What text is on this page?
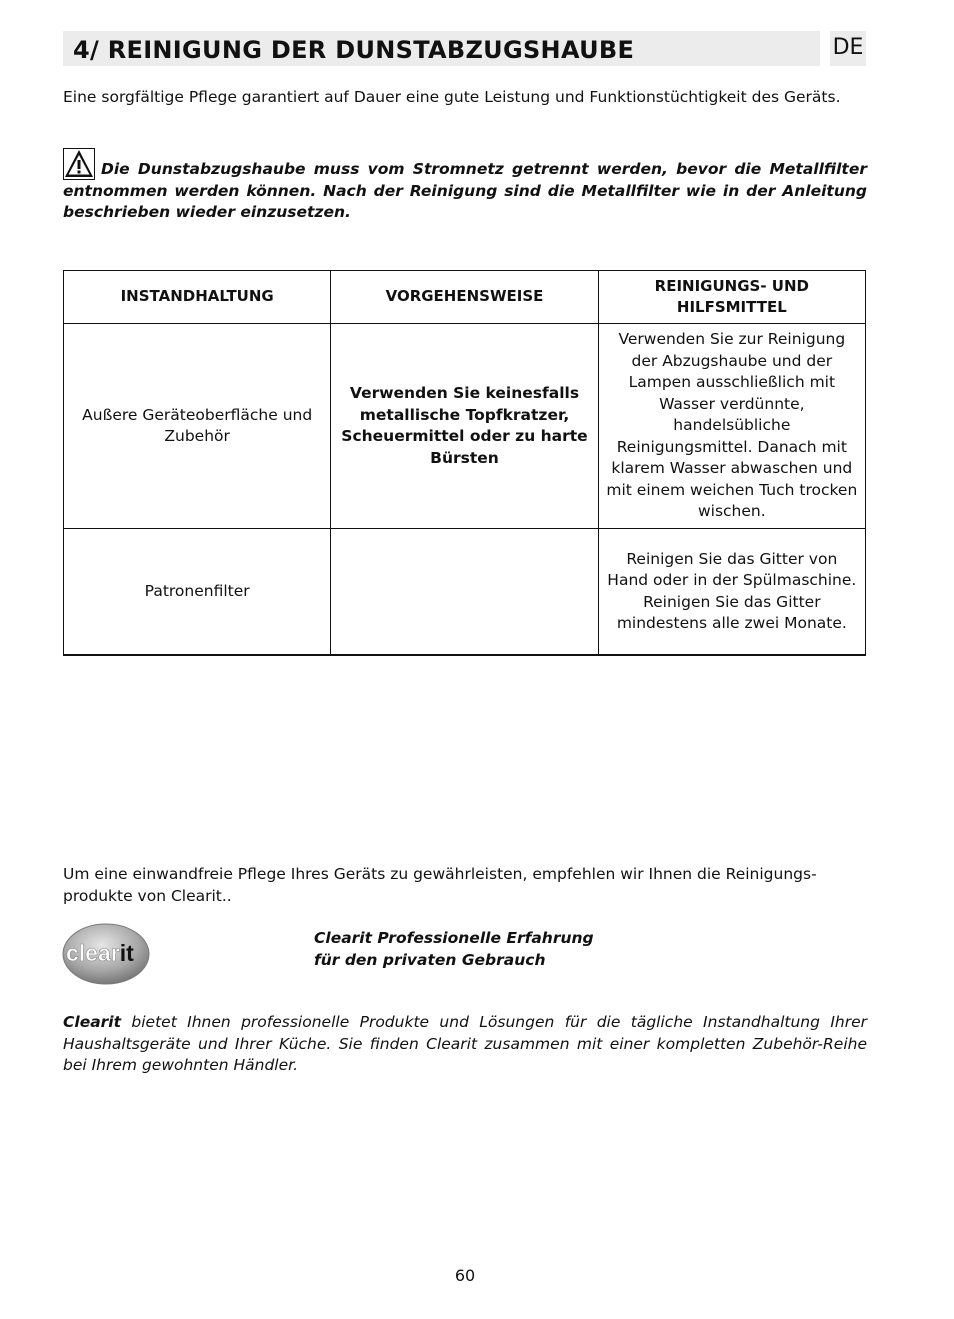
4/ REINIGUNG DER DUNSTABZUGSHAUBE	DE

Eine sorgfältige Pflege garantiert auf Dauer eine gute Leistung und Funktionstüchtigkeit des Geräts.

Die Dunstabzugshaube muss vom Stromnetz getrennt werden, bevor die Metallfilter entnommen werden können. Nach der Reinigung sind die Metallfilter wie in der Anleitung beschrieben wieder einzusetzen.

INSTANDHALTUNG	VORGEHENSWEISE	REINIGUNGS- UND HILFSMITTEL
Außere Geräteoberfläche und Zubehör	Verwenden Sie keinesfalls metallische Topfkratzer, Scheuermittel oder zu harte Bürsten	Verwenden Sie zur Reinigung der Abzugshaube und der Lampen ausschließlich mit Wasser verdünnte, handelsübliche Reinigungsmittel. Danach mit klarem Wasser abwaschen und mit einem weichen Tuch trocken wischen.
Patronenfilter		Reinigen Sie das Gitter von Hand oder in der Spülmaschine. Reinigen Sie das Gitter mindestens alle zwei Monate.

Um eine einwandfreie Pflege Ihres Geräts zu gewährleisten, empfehlen wir Ihnen die Reinigungs-produkte von Clearit..

clearit

Clearit Professionelle Erfahrung
für den privaten Gebrauch

Clearit bietet Ihnen professionelle Produkte und Lösungen für die tägliche Instandhaltung Ihrer Haushaltsgeräte und Ihrer Küche. Sie finden Clearit zusammen mit einer kompletten Zubehör-Reihe bei Ihrem gewohnten Händler.

60
